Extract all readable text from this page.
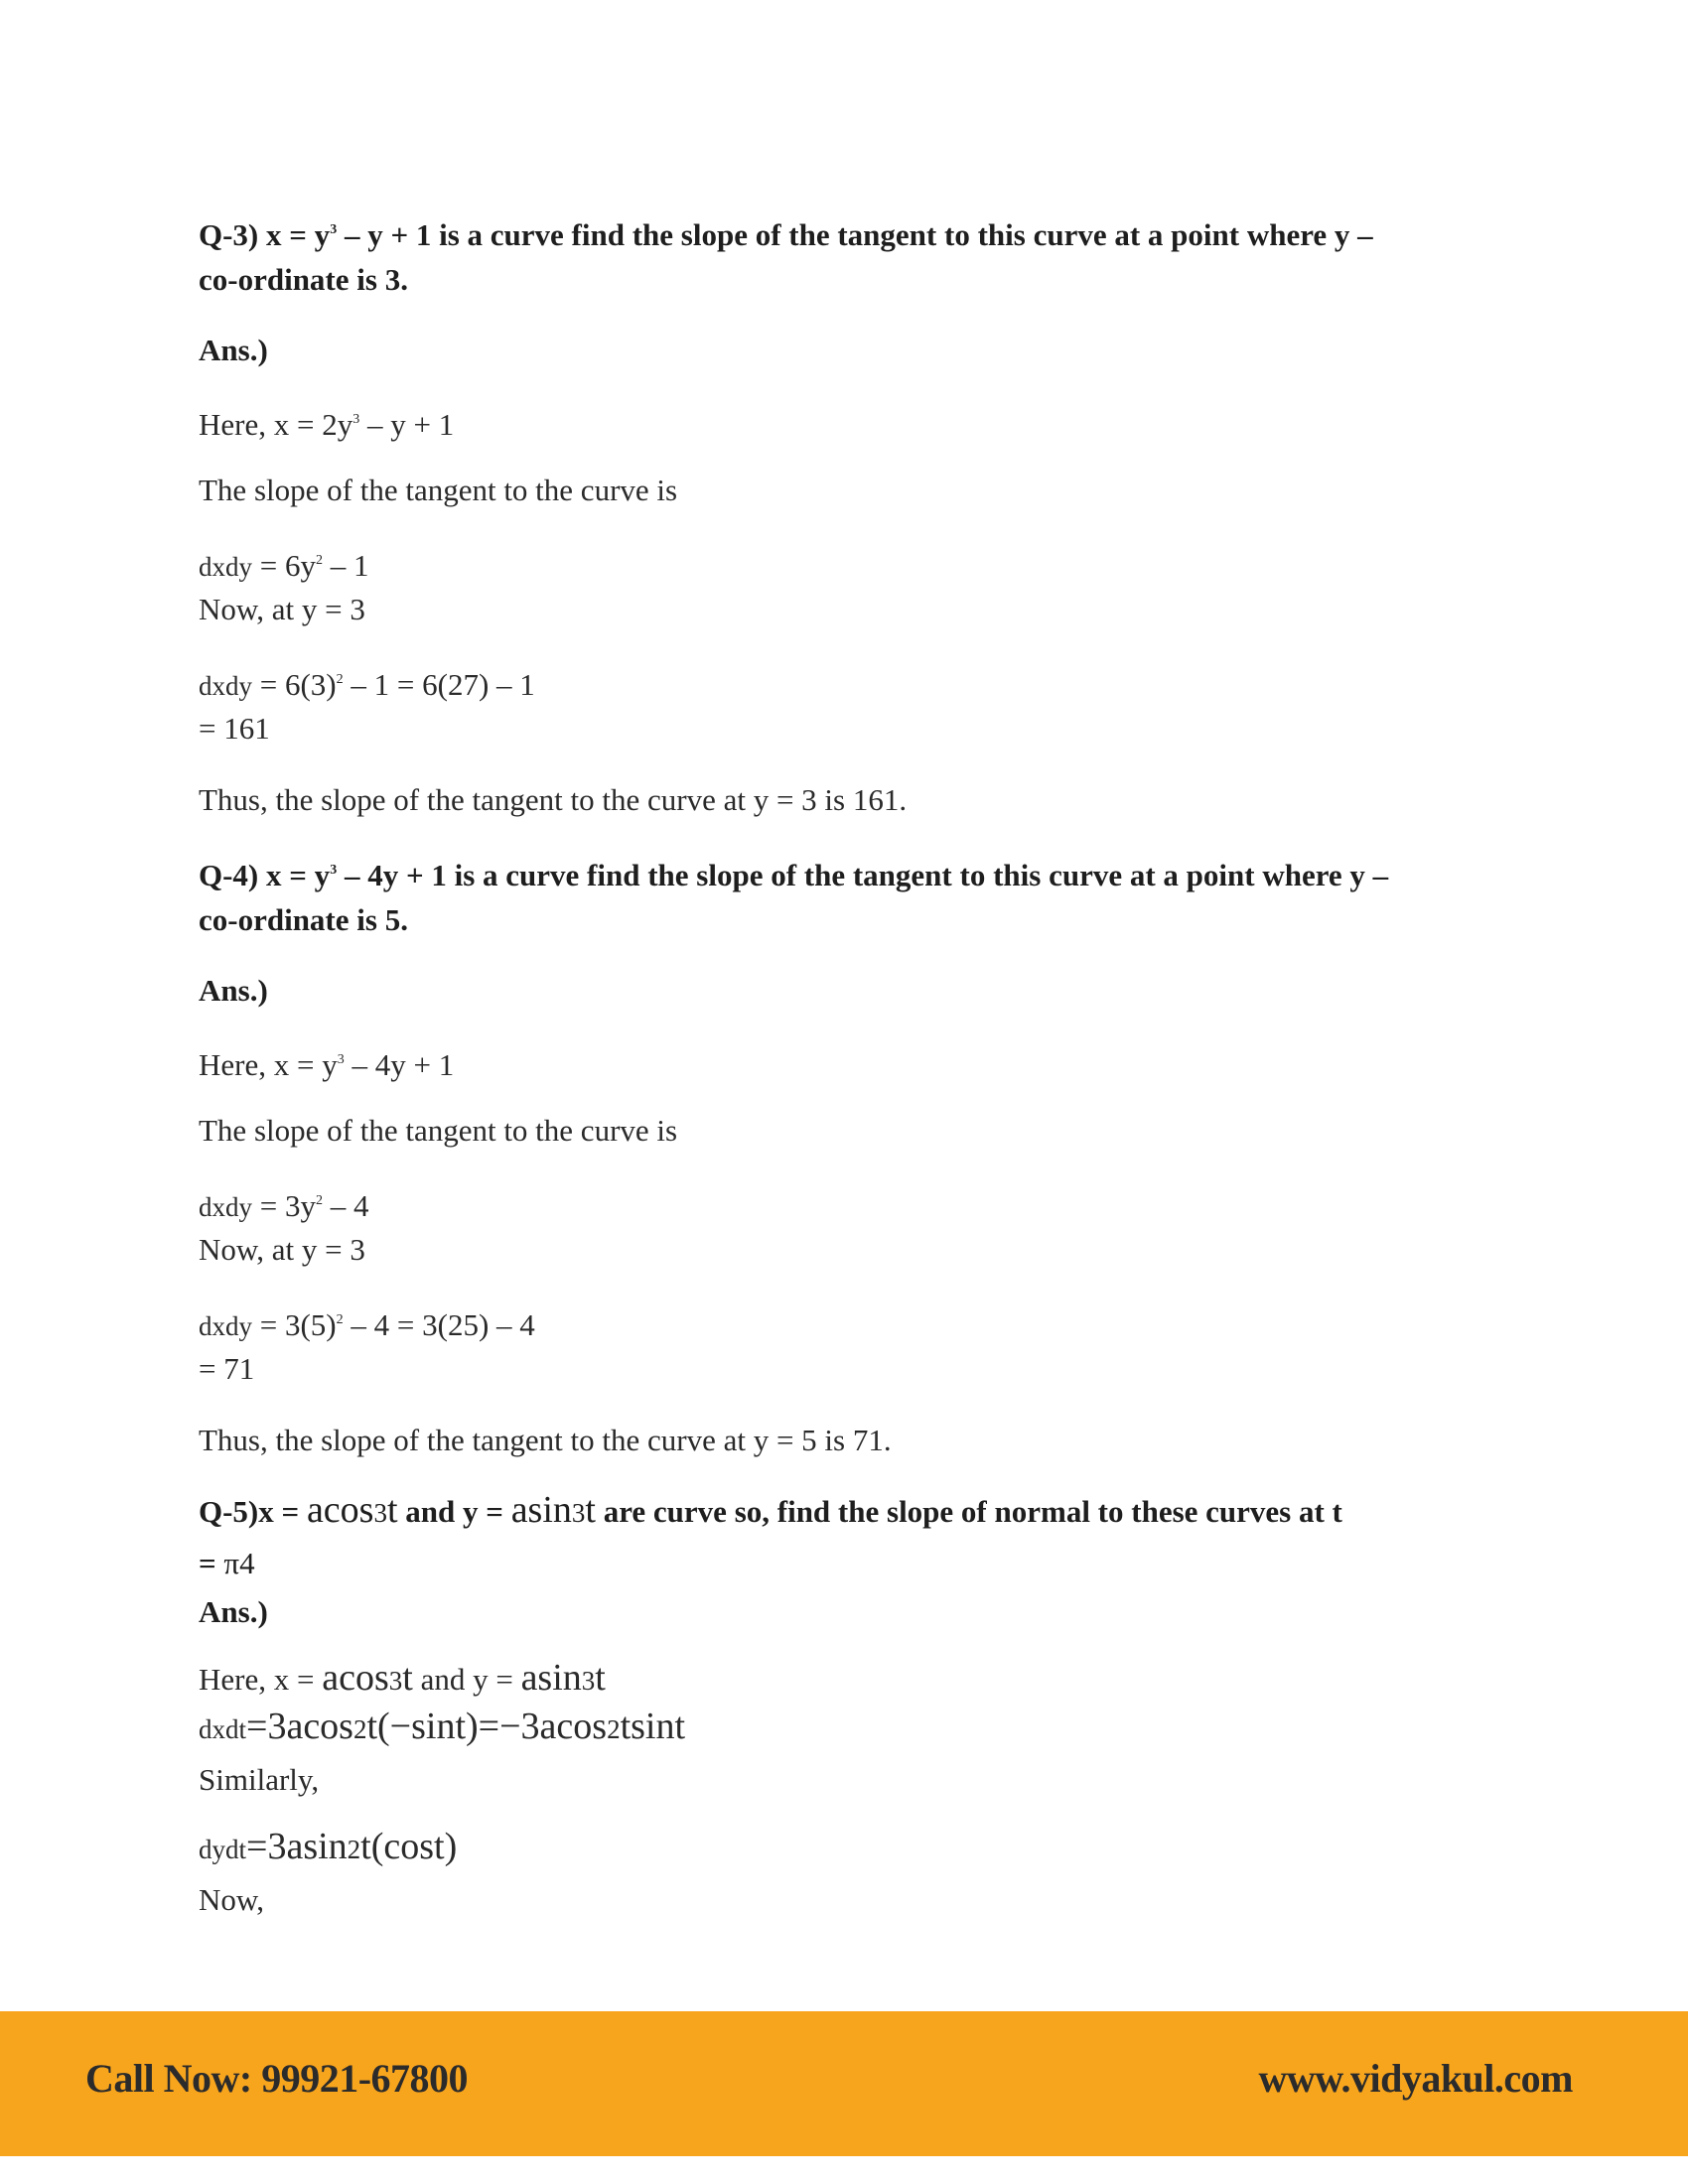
Q-3) $x = y^3 - y + 1$ is a curve find the slope of the tangent to this curve at a point where y –
co-ordinate is 3.
Ans.)
Here, $x = 2y^3 - y + 1$
The slope of the tangent to the curve is
dxdy = $6y^2 - 1$
Now, at y = 3
dxdy = $6(3)^2 - 1 = 6(27) - 1$
= 161
Thus, the slope of the tangent to the curve at y = 3 is 161.
Q-4) $x = y^3 - 4y + 1$ is a curve find the slope of the tangent to this curve at a point where y –
co-ordinate is 5.
Ans.)
Here, $x = y^3 - 4y + 1$
The slope of the tangent to the curve is
dxdy = $3y^2 - 4$
Now, at y = 3
dxdy = $3(5)^2 - 4 = 3(25) - 4$
= 71
Thus, the slope of the tangent to the curve at y = 5 is 71.
Q-5)x = acos3t and y = asin3t are curve so, find the slope of normal to these curves at t
= π4
Ans.)
Here, x = acos3t and y = asin3t
dxdt=3acos2t(−sint)=−3acos2tsint
Similarly,
dydt=3asin2t(cost)
Now,
Call Now: 99921-67800	www.vidyakul.com
